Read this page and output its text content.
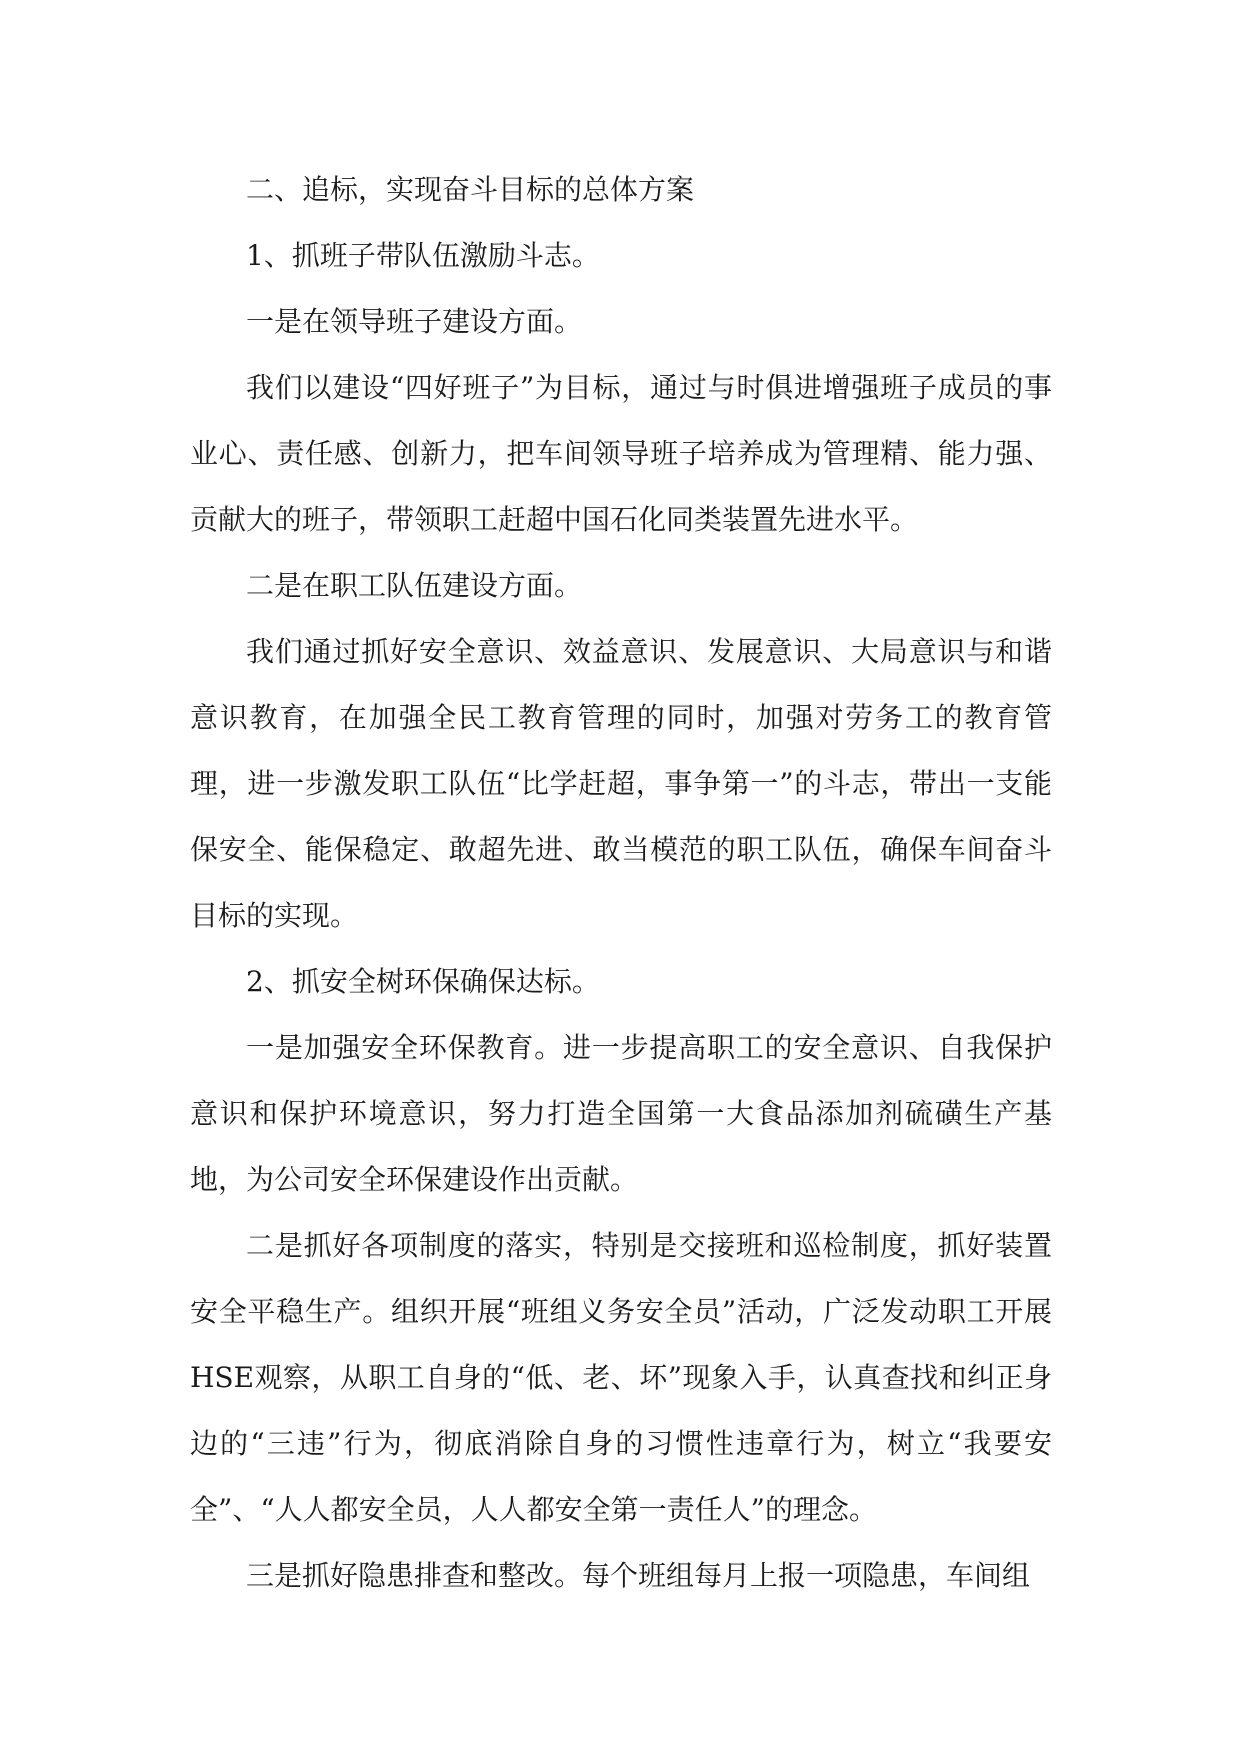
二、追标，实现奋斗目标的总体方案

1、抓班子带队伍激励斗志。

一是在领导班子建设方面。

我们以建设“四好班子”为目标，通过与时俱进增强班子成员的事业心、责任感、创新力，把车间领导班子培养成为管理精、能力强、贡献大的班子，带领职工赶超中国石化同类装置先进水平。

二是在职工队伍建设方面。

我们通过抓好安全意识、效益意识、发展意识、大局意识与和谐意识教育，在加强全民工教育管理的同时，加强对劳务工的教育管理，进一步激发职工队伍“比学赶超，事争第一”的斗志，带出一支能保安全、能保稳定、敢超先进、敢当模范的职工队伍，确保车间奋斗目标的实现。

2、抓安全树环保确保达标。

一是加强安全环保教育。进一步提高职工的安全意识、自我保护意识和保护环境意识，努力打造全国第一大食品添加剂硫磺生产基地，为公司安全环保建设作出贡献。

二是抓好各项制度的落实，特别是交接班和巡检制度，抓好装置安全平稳生产。组织开展“班组义务安全员”活动，广泛发动职工开展HSE观察，从职工自身的“低、老、坏”现象入手，认真查找和纠正身边的“三违”行为，彻底消除自身的习惯性违章行为，树立“我要安全”、“人人都安全员，人人都安全第一责任人”的理念。

三是抓好隐患排查和整改。每个班组每月上报一项隐患，车间组
